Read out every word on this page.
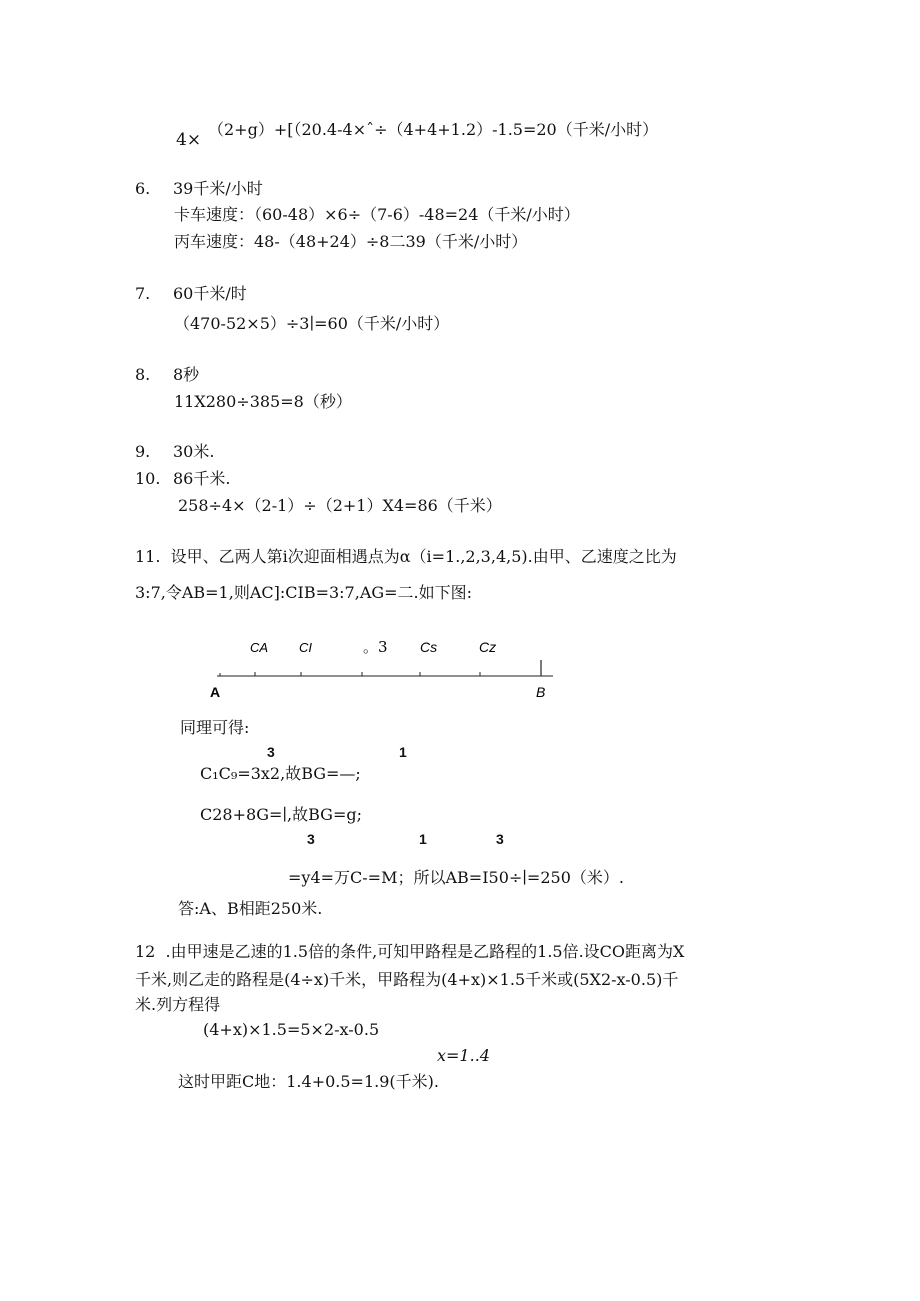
4×
（2+g）+[（20.4-4×ˆ÷（4+4+1.2）-1.5=20（千米/小时）
6. 39千米/小时
卡车速度：（60-48）×6÷（7-6）-48=24（千米/小时）
丙车速度：48-（48+24）÷8二39（千米/小时）
7. 60千米/时
（470-52×5）÷3∣=60（千米/小时）
8. 8秒
11X280÷385=8（秒）
9. 30米.
10. 86千米.
258÷4×（2-1）÷（2+1）X4=86（千米）
11.  设甲、乙两人第i次迎面相遇点为α（i=1.,2,3,4,5).由甲、乙速度之比为
3:7,令AB=1,则AC]:CIB=3:7,AG=二.如下图:
CA CI	。3 Cs	Cz
A	B
同理可得:
3	1
C₁C₉=3x2,故BG=—;
C28+8G=∣,故BG=g;
3	1	3
=y4=万C-=M；所以AB=I50÷∣=250（米）.
答:A、B相距250米.
12  .由甲速是乙速的1.5倍的条件,可知甲路程是乙路程的1.5倍.设CO距离为X
千米,则乙走的路程是(4÷x)千米，甲路程为(4+x)×1.5千米或(5X2-x-0.5)千
米.列方程得
(4+x)×1.5=5×2-x-0.5
x=1..4
这时甲距C地：1.4+0.5=1.9(千米).
